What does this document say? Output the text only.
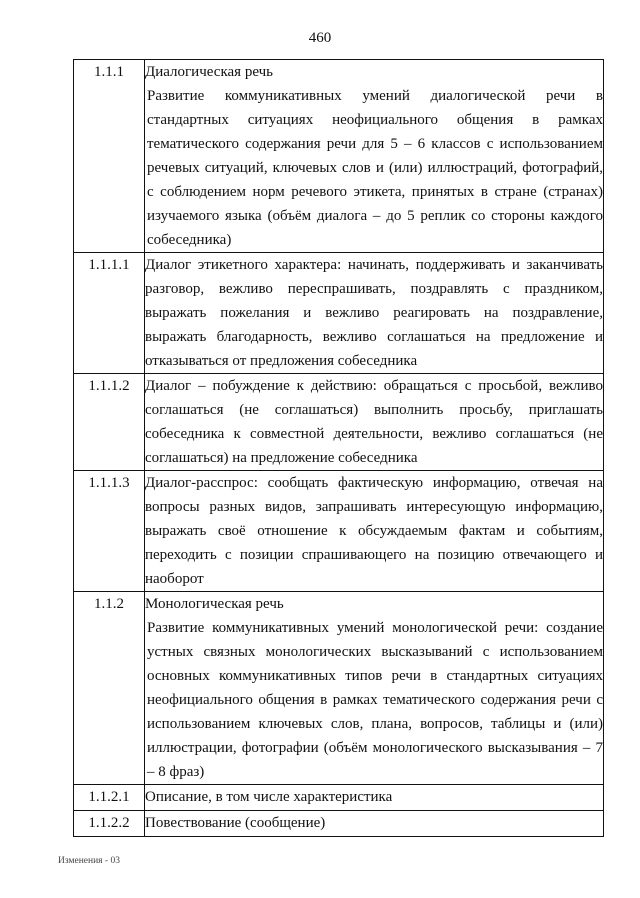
460
1.1.1	Диалогическая речь
Развитие коммуникативных умений диалогической речи в стандартных ситуациях неофициального общения в рамках тематического содержания речи для 5 – 6 классов с использованием речевых ситуаций, ключевых слов и (или) иллюстраций, фотографий, с соблюдением норм речевого этикета, принятых в стране (странах) изучаемого языка (объём диалога – до 5 реплик со стороны каждого собеседника)

1.1.1.1	Диалог этикетного характера: начинать, поддерживать и заканчивать разговор, вежливо переспрашивать, поздравлять с праздником, выражать пожелания и вежливо реагировать на поздравление, выражать благодарность, вежливо соглашаться на предложение и отказываться от предложения собеседника

1.1.1.2	Диалог – побуждение к действию: обращаться с просьбой, вежливо соглашаться (не соглашаться) выполнить просьбу, приглашать собеседника к совместной деятельности, вежливо соглашаться (не соглашаться) на предложение собеседника

1.1.1.3	Диалог-расспрос: сообщать фактическую информацию, отвечая на вопросы разных видов, запрашивать интересующую информацию, выражать своё отношение к обсуждаемым фактам и событиям, переходить с позиции спрашивающего на позицию отвечающего и наоборот

1.1.2	Монологическая речь
Развитие коммуникативных умений монологической речи: создание устных связных монологических высказываний с использованием основных коммуникативных типов речи в стандартных ситуациях неофициального общения в рамках тематического содержания речи с использованием ключевых слов, плана, вопросов, таблицы и (или) иллюстрации, фотографии (объём монологического высказывания – 7 – 8 фраз)

1.1.2.1	Описание, в том числе характеристика

1.1.2.2	Повествование (сообщение)
Изменения - 03
